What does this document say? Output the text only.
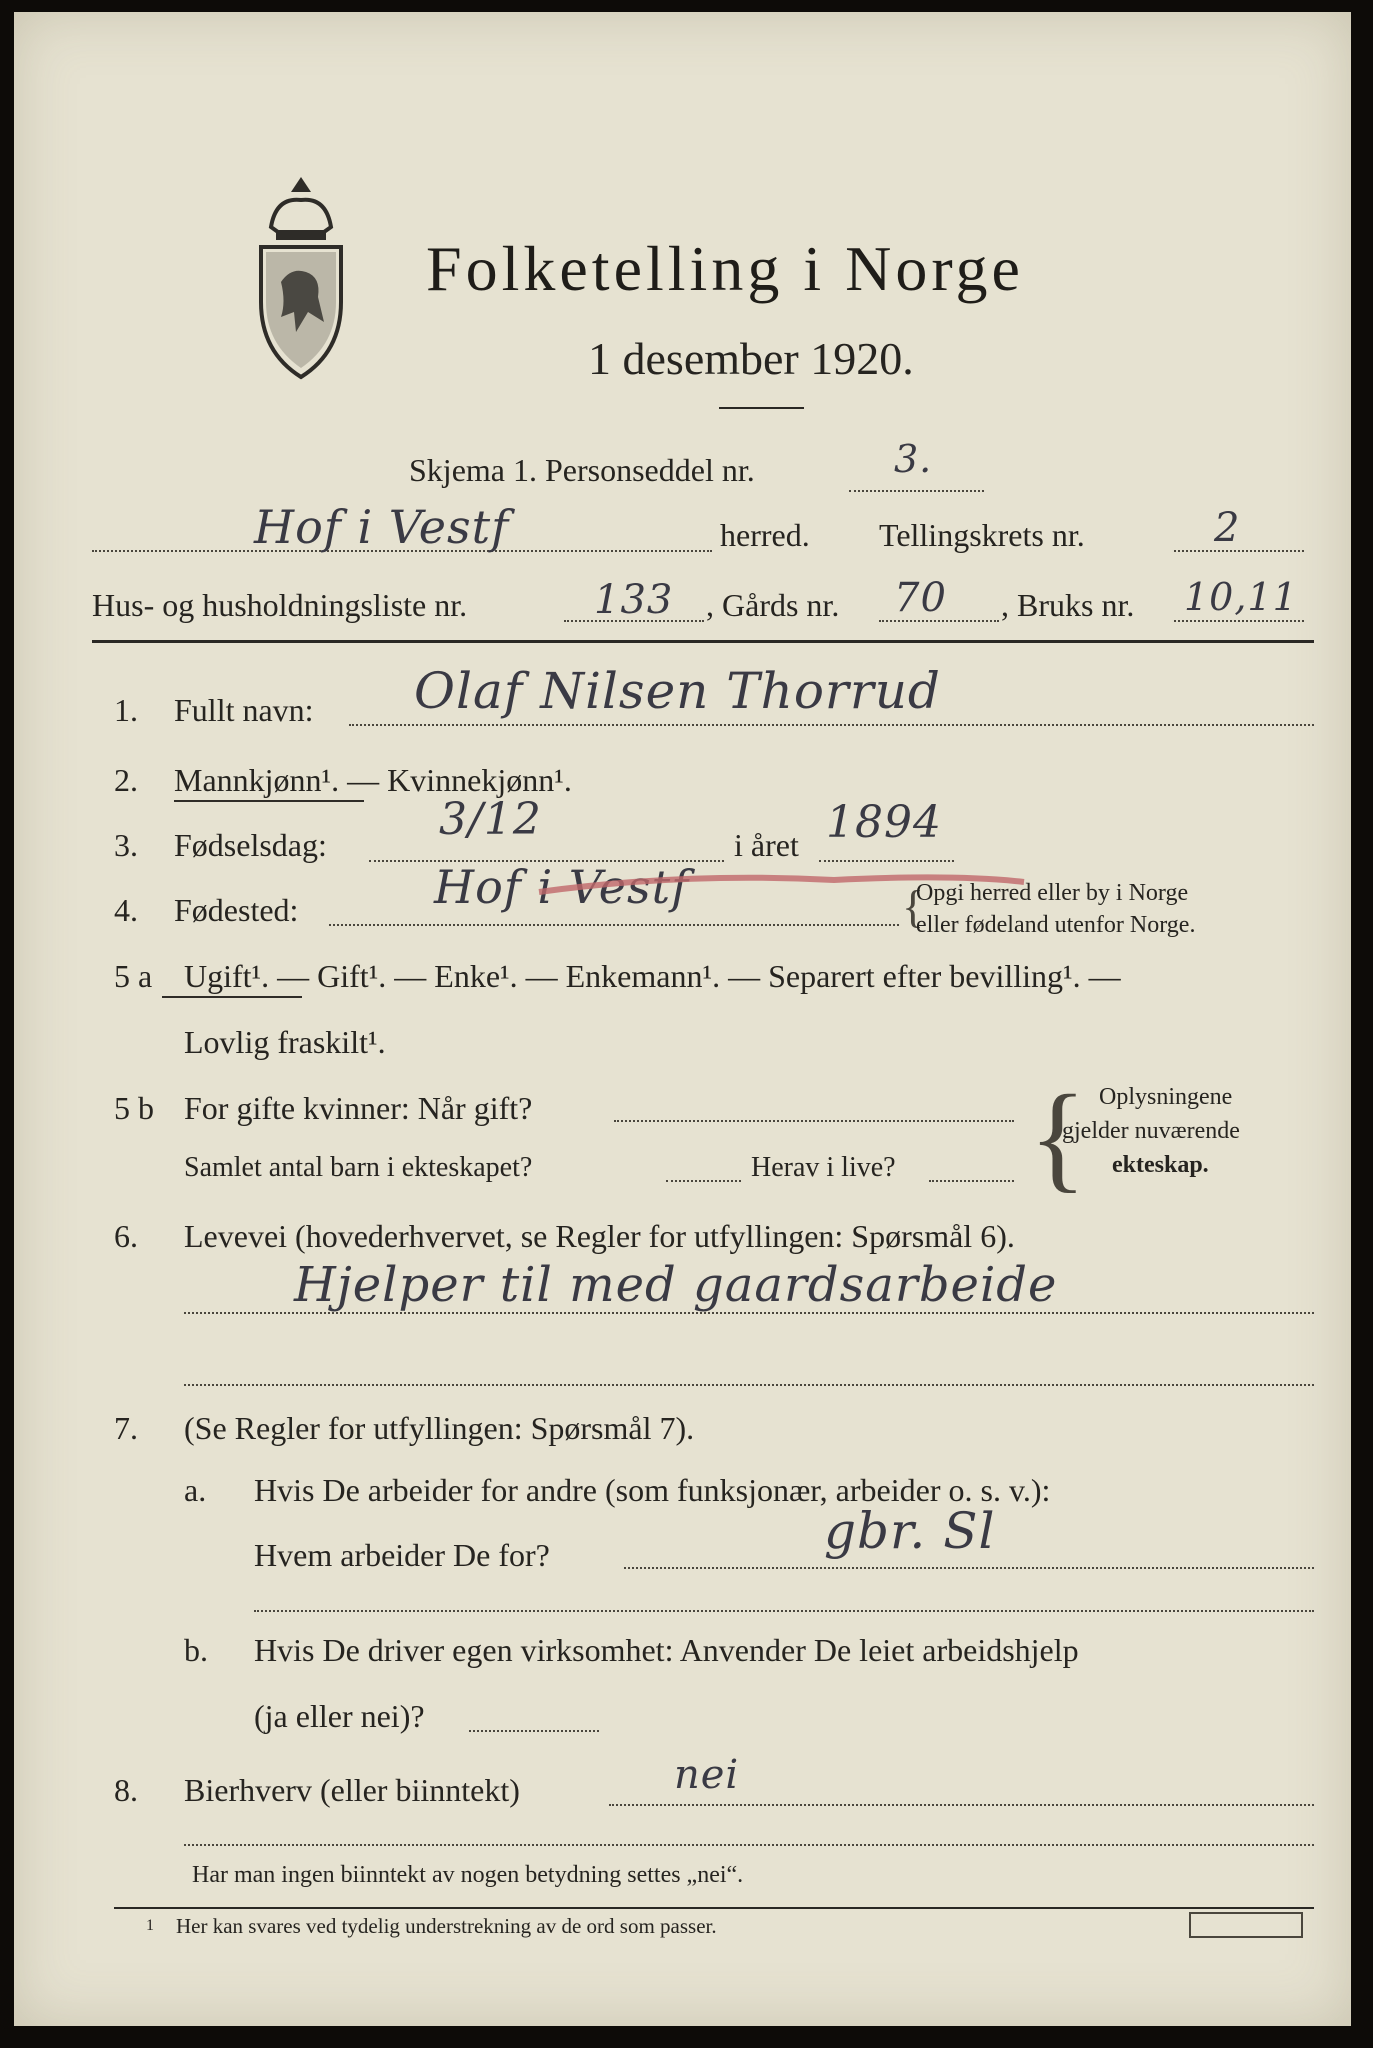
Folketelling i Norge
1 desember 1920.
Skjema 1. Personseddel nr.	3.
Hof i Vestf	herred. Tellingskrets nr.	2
Hus- og husholdningsliste nr.	133 , Gårds nr. 70 , Bruks nr. 10,11
1. Fullt navn: Olaf Nilsen Thorrud
2. Mannkjønn¹. — Kvinnekjønn¹.
3. Fødselsdag:	3/12	i året 1894
4. Fødested:	Hof i Vestf	{
Opgi herred eller by i Norge
eller fødeland utenfor Norge.
5 a Ugift¹. — Gift¹. — Enke¹. — Enkemann¹. — Separert efter bevilling¹. —
Lovlig fraskilt¹.
5 b For gifte kvinner: Når gift?
Samlet antal barn i ekteskapet?	Herav i live? { Oplysningene
gjelder nuværende
ekteskap.
6. Levevei (hovederhvervet, se Regler for utfyllingen: Spørsmål 6).
Hjelper til med gaardsarbeide
7. (Se Regler for utfyllingen: Spørsmål 7).
a. Hvis De arbeider for andre (som funksjonær, arbeider o. s. v.):
Hvem arbeider De for?	gbr. Sl
b. Hvis De driver egen virksomhet: Anvender De leiet arbeidshjelp
(ja eller nei)?
8. Bierhverv (eller biinntekt)	nei
Har man ingen biinntekt av nogen betydning settes „nei“.
1 Her kan svares ved tydelig understrekning av de ord som passer.
